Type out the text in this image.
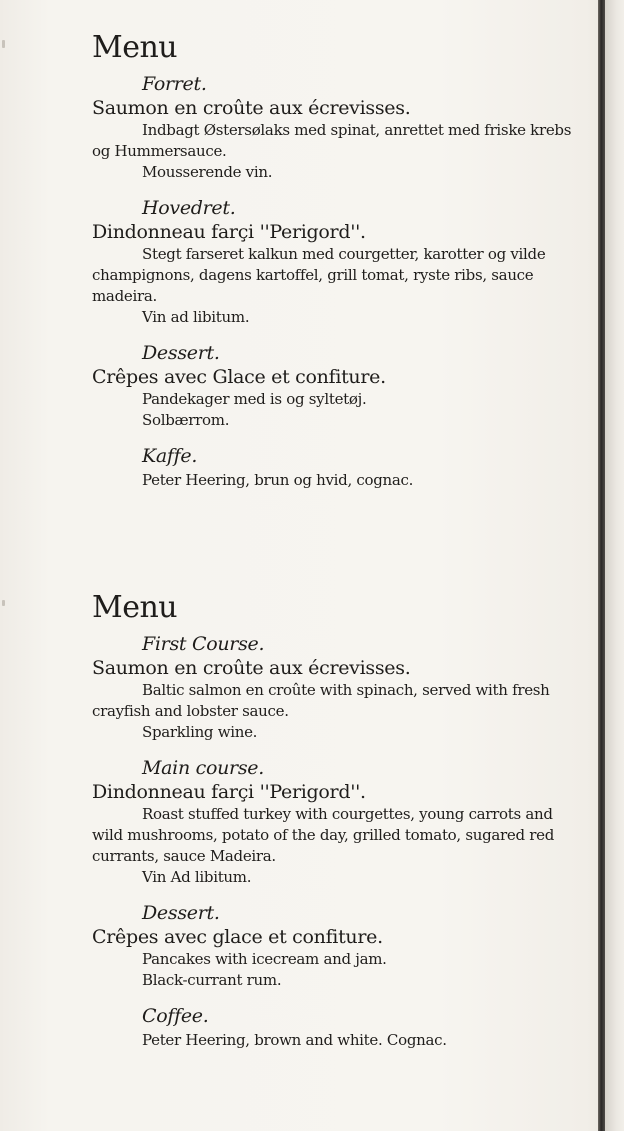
Menu
Forret.
Saumon en croûte aux écrevisses.
Indbagt Østersølaks med spinat, anrettet med friske krebs og Hummersauce.
Mousserende vin.
Hovedret.
Dindonneau farçi ''Perigord''.
Stegt farseret kalkun med courgetter, karotter og vilde champignons, dagens kartoffel, grill tomat, ryste ribs, sauce madeira.
Vin ad libitum.
Dessert.
Crêpes avec Glace et confiture.
Pandekager med is og syltetøj.
Solbærrom.
Kaffe.
Peter Heering, brun og hvid, cognac.
Menu
First Course.
Saumon en croûte aux écrevisses.
Baltic salmon en croûte with spinach, served with fresh crayfish and lobster sauce.
Sparkling wine.
Main course.
Dindonneau farçi ''Perigord''.
Roast stuffed turkey with courgettes, young carrots and wild mushrooms, potato of the day, grilled tomato, sugared red currants, sauce Madeira.
Vin Ad libitum.
Dessert.
Crêpes avec glace et confiture.
Pancakes with icecream and jam.
Black-currant rum.
Coffee.
Peter Heering, brown and white. Cognac.
